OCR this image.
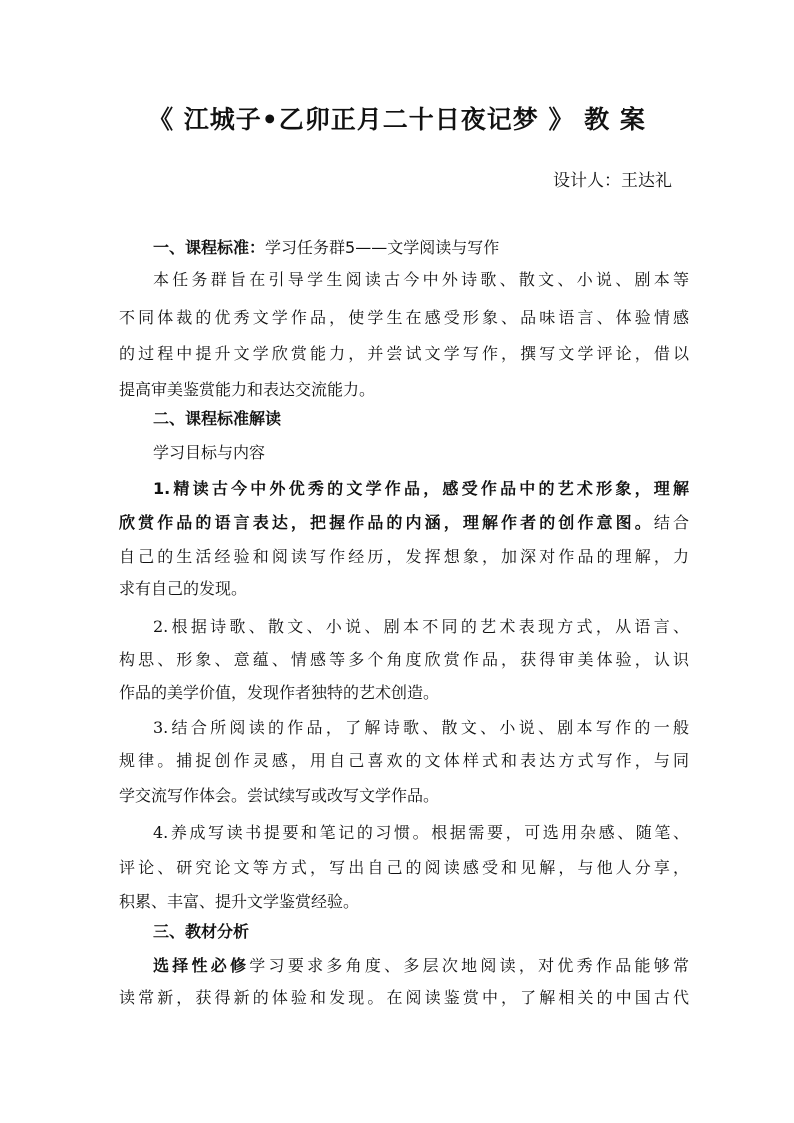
《 江城子•乙卯正月二十日夜记梦 》 教 案
设计人：王达礼
一、课程标准：学习任务群5——文学阅读与写作
本任务群旨在引导学生阅读古今中外诗歌、散文、小说、剧本等
不同体裁的优秀文学作品，使学生在感受形象、品味语言、体验情感
的过程中提升文学欣赏能力，并尝试文学写作，撰写文学评论，借以
提高审美鉴赏能力和表达交流能力。
二、课程标准解读
学习目标与内容
1.精读古今中外优秀的文学作品，感受作品中的艺术形象，理解
欣赏作品的语言表达，把握作品的内涵，理解作者的创作意图。结合
自己的生活经验和阅读写作经历，发挥想象，加深对作品的理解，力
求有自己的发现。
2.根据诗歌、散文、小说、剧本不同的艺术表现方式，从语言、
构思、形象、意蕴、情感等多个角度欣赏作品，获得审美体验，认识
作品的美学价值，发现作者独特的艺术创造。
3.结合所阅读的作品，了解诗歌、散文、小说、剧本写作的一般
规律。捕捉创作灵感，用自己喜欢的文体样式和表达方式写作，与同
学交流写作体会。尝试续写或改写文学作品。
4.养成写读书提要和笔记的习惯。根据需要，可选用杂感、随笔、
评论、研究论文等方式，写出自己的阅读感受和见解，与他人分享，
积累、丰富、提升文学鉴赏经验。
三、教材分析
选择性必修学习要求多角度、多层次地阅读，对优秀作品能够常
读常新，获得新的体验和发现。在阅读鉴赏中，了解相关的中国古代
